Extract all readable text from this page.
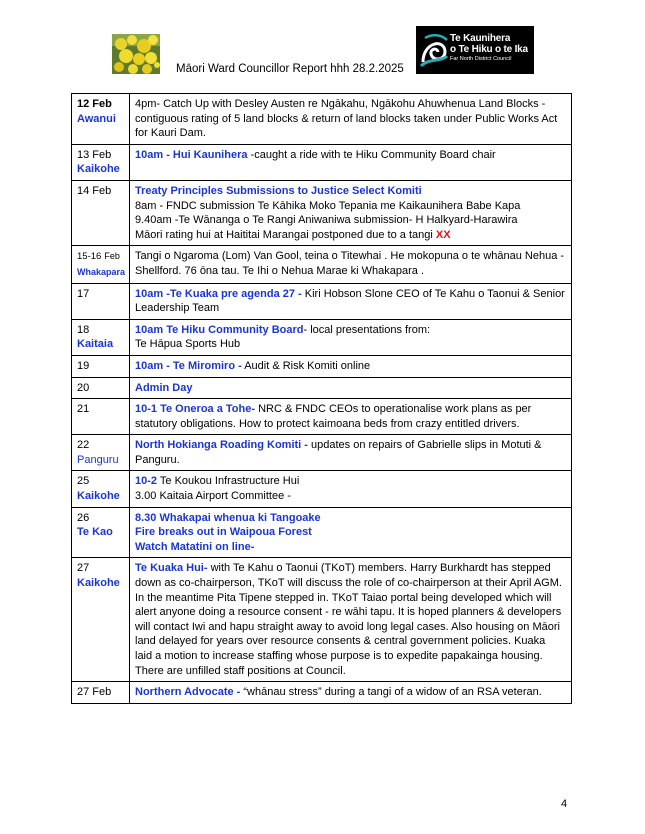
Te Kaunihera
o Te Hiku o te Ika
Far North District Council
Māori Ward Councillor Report hhh 28.2.2025
12 Feb
Awanui	4pm- Catch Up with Desley Austen re Ngākahu, Ngākohu Ahuwhenua Land Blocks - contiguous rating of 5 land blocks & return of land blocks taken under Public Works Act for Kauri Dam.

13 Feb
Kaikohe	10am - Hui Kaunihera -caught a ride with te Hiku Community Board chair

14 Feb	Treaty Principles Submissions to Justice Select Komiti
8am - FNDC submission Te Kāhika Moko Tepania me Kaikaunihera Babe Kapa
9.40am -Te Wānanga o Te Rangi Aniwaniwa submission- H Halkyard-Harawira
Māori rating hui at Haititai Marangai postponed due to a tangi XX

15-16 Feb
Whakapara	Tangi o Ngaroma (Lom) Van Gool, teina o Titewhai . He mokopuna o te whānau Nehua - Shellford. 76 ōna tau. Te Ihi o Nehua Marae ki Whakapara .

17	10am -Te Kuaka pre agenda 27 - Kiri Hobson Slone CEO of Te Kahu o Taonui & Senior Leadership Team

18
Kaitaia	10am Te Hiku Community Board- local presentations from:
Te Hāpua Sports Hub

19	10am - Te Miromiro - Audit & Risk Komiti online

20	Admin Day

21	10-1 Te Oneroa a Tohe- NRC & FNDC CEOs to operationalise work plans as per statutory obligations. How to protect kaimoana beds from crazy entitled drivers.

22
Panguru	North Hokianga Roading Komiti - updates on repairs of Gabrielle slips in Motuti & Panguru.

25
Kaikohe	10-2 Te Koukou Infrastructure Hui
3.00 Kaitaia Airport Committee -

26
Te Kao	8.30 Whakapai whenua ki Tangoake
Fire breaks out in Waipoua Forest
Watch Matatini on line-

27
Kaikohe	Te Kuaka Hui- with Te Kahu o Taonui (TKoT) members. Harry Burkhardt has stepped down as co-chairperson, TKoT will discuss the role of co-chairperson at their April AGM. In the meantime Pita Tipene stepped in. TKoT Taiao portal being developed which will alert anyone doing a resource consent - re wāhi tapu. It is hoped planners & developers will contact Iwi and hapu straight away to avoid long legal cases. Also housing on Māori land delayed for years over resource consents & central government policies. Kuaka laid a motion to increase staffing whose purpose is to expedite papakainga housing. There are unfilled staff positions at Council.

27 Feb	Northern Advocate - “whānau stress” during a tangi of a widow of an RSA veteran.
4
